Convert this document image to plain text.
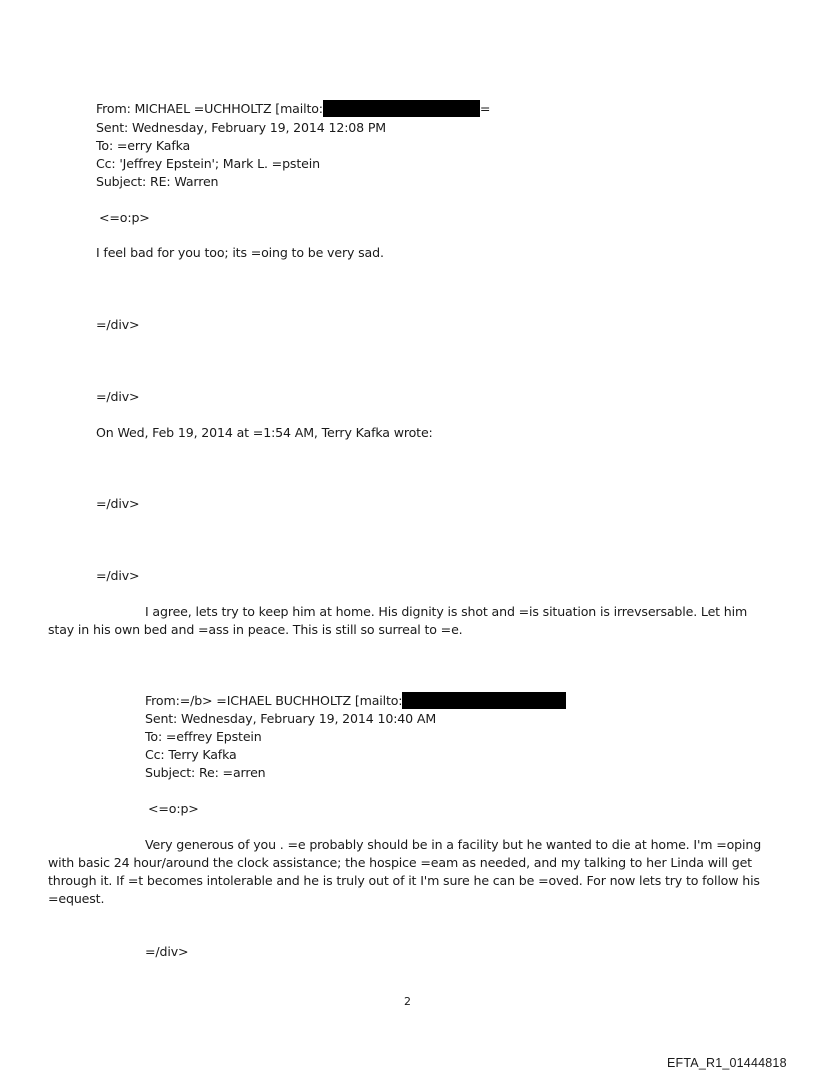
From: MICHAEL =UCHHOLTZ [mailto:	=
Sent: Wednesday, February 19, 2014 12:08 PM
To: =erry Kafka
Cc: 'Jeffrey Epstein'; Mark L. =pstein
Subject: RE: Warren
<=o:p>
I feel bad for you too; its =oing to be very sad.
=/div>
=/div>
On Wed, Feb 19, 2014 at =1:54 AM, Terry Kafka wrote:
=/div>
=/div>
I agree, lets try to keep him at home. His dignity is shot and =is situation is irrevsersable. Let him stay in his own bed and =ass in peace. This is still so surreal to =e.
From:=/b> =ICHAEL BUCHHOLTZ [mailto:
Sent: Wednesday, February 19, 2014 10:40 AM
To: =effrey Epstein
Cc: Terry Kafka
Subject: Re: =arren
<=o:p>
Very generous of you . =e probably should be in a facility but he wanted to die at home. I'm =oping with basic 24 hour/around the clock assistance; the hospice =eam as needed, and my talking to her Linda will get through it. If =t becomes intolerable and he is truly out of it I'm sure he can be =oved. For now lets try to follow his =equest.
=/div>
2
EFTA_R1_01444818
